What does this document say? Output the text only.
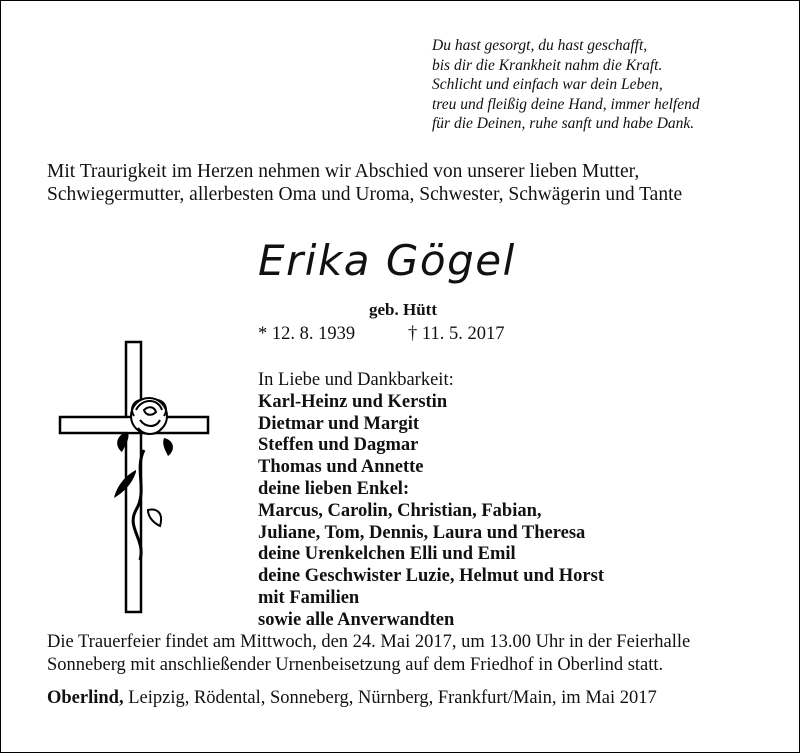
Du hast gesorgt, du hast geschafft,
bis dir die Krankheit nahm die Kraft.
Schlicht und einfach war dein Leben,
treu und fleißig deine Hand, immer helfend
für die Deinen, ruhe sanft und habe Dank.
Mit Traurigkeit im Herzen nehmen wir Abschied von unserer lieben Mutter,
Schwiegermutter, allerbesten Oma und Uroma, Schwester, Schwägerin und Tante
Erika Gögel
geb. Hütt
* 12. 8. 1939	† 11. 5. 2017
In Liebe und Dankbarkeit:
Karl-Heinz und Kerstin
Dietmar und Margit
Steffen und Dagmar
Thomas und Annette
deine lieben Enkel:
Marcus, Carolin, Christian, Fabian,
Juliane, Tom, Dennis, Laura und Theresa
deine Urenkelchen Elli und Emil
deine Geschwister Luzie, Helmut und Horst
mit Familien
sowie alle Anverwandten
Die Trauerfeier findet am Mittwoch, den 24. Mai 2017, um 13.00 Uhr in der Feierhalle
Sonneberg mit anschließender Urnenbeisetzung auf dem Friedhof in Oberlind statt.
Oberlind, Leipzig, Rödental, Sonneberg, Nürnberg, Frankfurt/Main, im Mai 2017
